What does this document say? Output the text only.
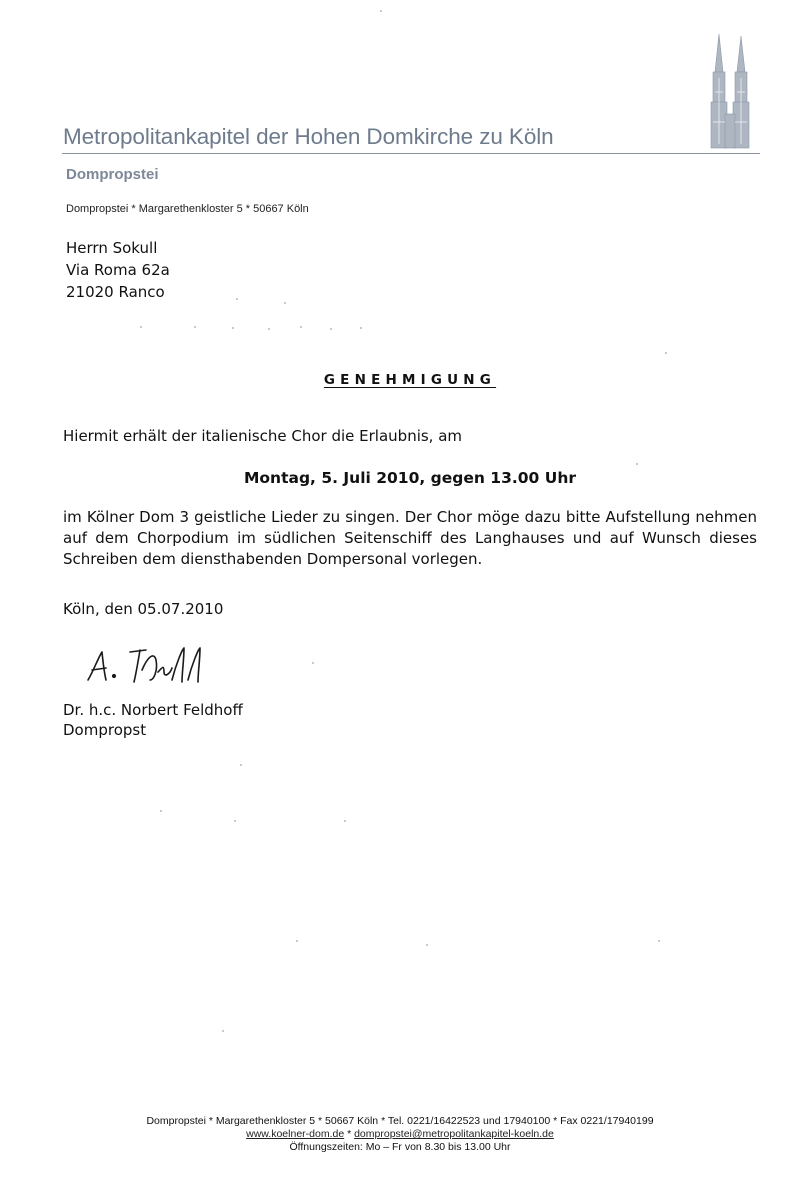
Metropolitankapitel der Hohen Domkirche zu Köln
Dompropstei
Dompropstei * Margarethenkloster 5 * 50667 Köln
Herrn Sokull
Via Roma 62a
21020 Ranco
GENEHMIGUNG
Hiermit erhält der italienische Chor die Erlaubnis, am
Montag, 5. Juli 2010, gegen 13.00 Uhr
im Kölner Dom 3 geistliche Lieder zu singen. Der Chor möge dazu bitte Aufstellung nehmen auf dem Chorpodium im südlichen Seitenschiff des Langhauses und auf Wunsch dieses Schreiben dem diensthabenden Dompersonal vorlegen.
Köln, den 05.07.2010
Dr. h.c. Norbert Feldhoff
Dompropst
Dompropstei * Margarethenkloster 5 * 50667 Köln * Tel. 0221/16422523 und 17940100 * Fax 0221/17940199
www.koelner-dom.de * dompropstei@metropolitankapitel-koeln.de
Öffnungszeiten: Mo – Fr von 8.30 bis 13.00 Uhr
